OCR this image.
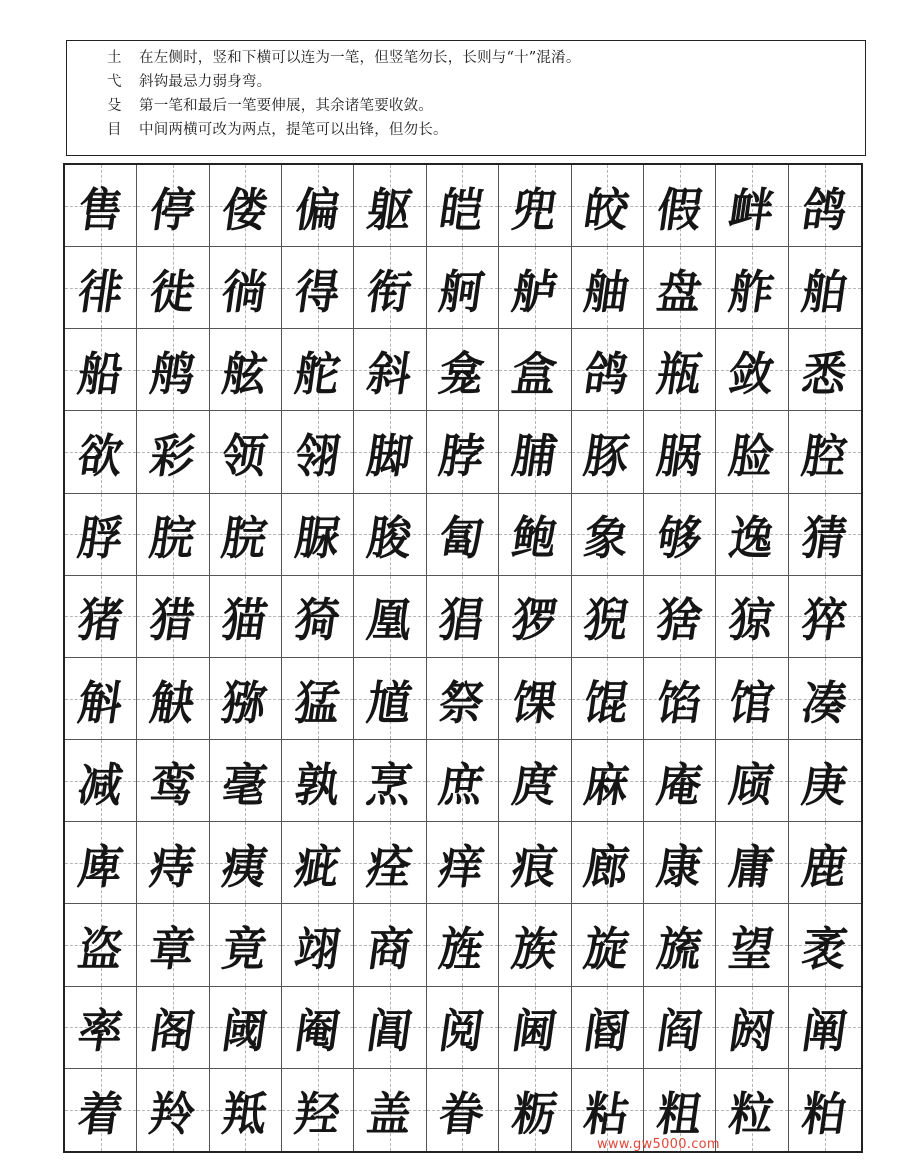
土	在左侧时，竖和下横可以连为一笔，但竖笔勿长，长则与“十”混淆。
弋	斜钩最忌力弱身弯。
殳	第一笔和最后一笔要伸展，其余诸笔要收敛。
目	中间两横可改为两点，提笔可以出锋，但勿长。
售 停 偻 偏 躯 皑 兜 皎 假 衅 鸽
徘 徙 徜 得 衔 舸 舻 舳 盘 舴 舶
船 鸼 舷 舵 斜 龛 盒 鸽 瓶 敛 悉
欲 彩 领 翎 脚 脖 脯 豚 脶 脸 腔
脬 脘 脘 脲 朘 匐 鲍 象 够 逸 猜
猪 猎 猫 猗 凰 猖 猡 猊 猞 猄 猝
斛 觖 猕 猛 馗 祭 馃 馄 馅 馆 凑
减 鸾 毫 孰 烹 庶 庹 麻 庵 庼 庚
庳 痔 痍 疵 痊 痒 痕 廊 康 庸 鹿
盗 章 竟 翊 商 旌 族 旋 旒 望 袤
率 阁 阈 阉 阊 阅 阃 阍 阎 阏 阐
着 羚 羝 羟 盖 眷 粝 粘 粗 粒 粕
www.gw5000.com
